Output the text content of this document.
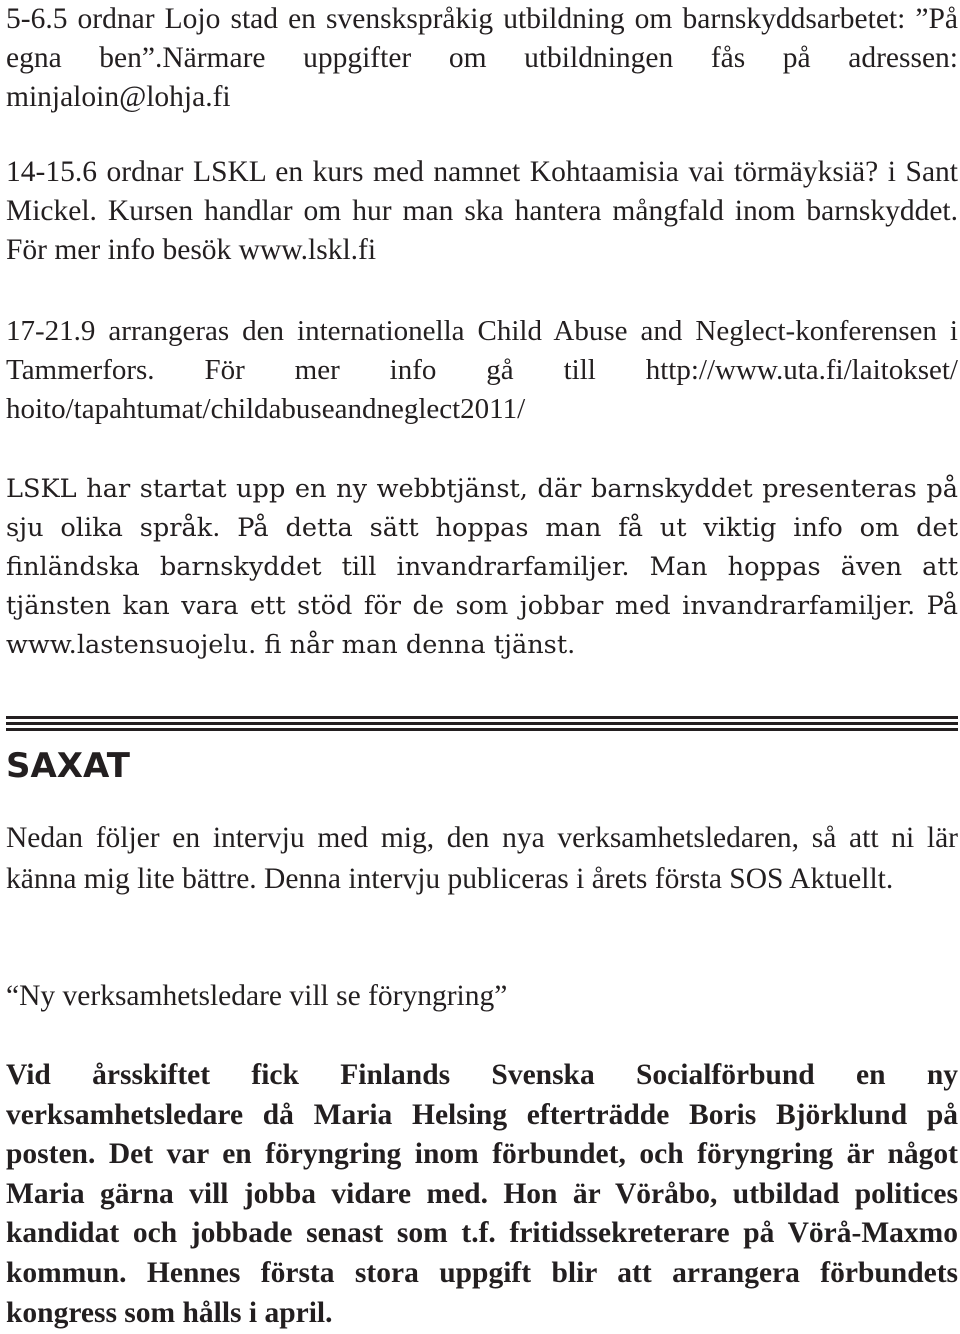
5-6.5 ordnar Lojo stad en svenskspråkig utbildning om barnskyddsarbetet: ”På egna ben”.Närmare uppgifter om utbildningen fås på adressen: minjaloin@lohja.fi

14-15.6 ordnar LSKL en kurs med namnet Kohtaamisia vai törmäyksiä? i Sant Mickel. Kursen handlar om hur man ska hantera mångfald inom barnskyddet. För mer info besök www.lskl.fi

17-21.9 arrangeras den internationella Child Abuse and Neglect-konferensen i Tammerfors. För mer info gå till http://www.uta.fi/laitokset/ hoito/tapahtumat/childabuseandneglect2011/

LSKL har startat upp en ny webbtjänst, där barnskyddet presenteras på sju olika språk. På detta sätt hoppas man få ut viktig info om det finländska barnskyddet till invandrarfamiljer. Man hoppas även att tjänsten kan vara ett stöd för de som jobbar med invandrarfamiljer. På www.lastensuojelu. fi når man denna tjänst.

SAXAT

Nedan följer en intervju med mig, den nya verksamhetsledaren, så att ni lär känna mig lite bättre. Denna intervju publiceras i årets första SOS Aktuellt.

“Ny verksamhetsledare vill se föryngring”

Vid årsskiftet fick Finlands Svenska Socialförbund en ny verksamhetsledare då Maria Helsing efterträdde Boris Björklund på posten. Det var en föryngring inom förbundet, och föryngring är något Maria gärna vill jobba vidare med. Hon är Vöråbo, utbildad politices kandidat och jobbade senast som t.f. fritidssekreterare på Vörå-Maxmo kommun. Hennes första stora uppgift blir att arrangera förbundets kongress som hålls i april.
